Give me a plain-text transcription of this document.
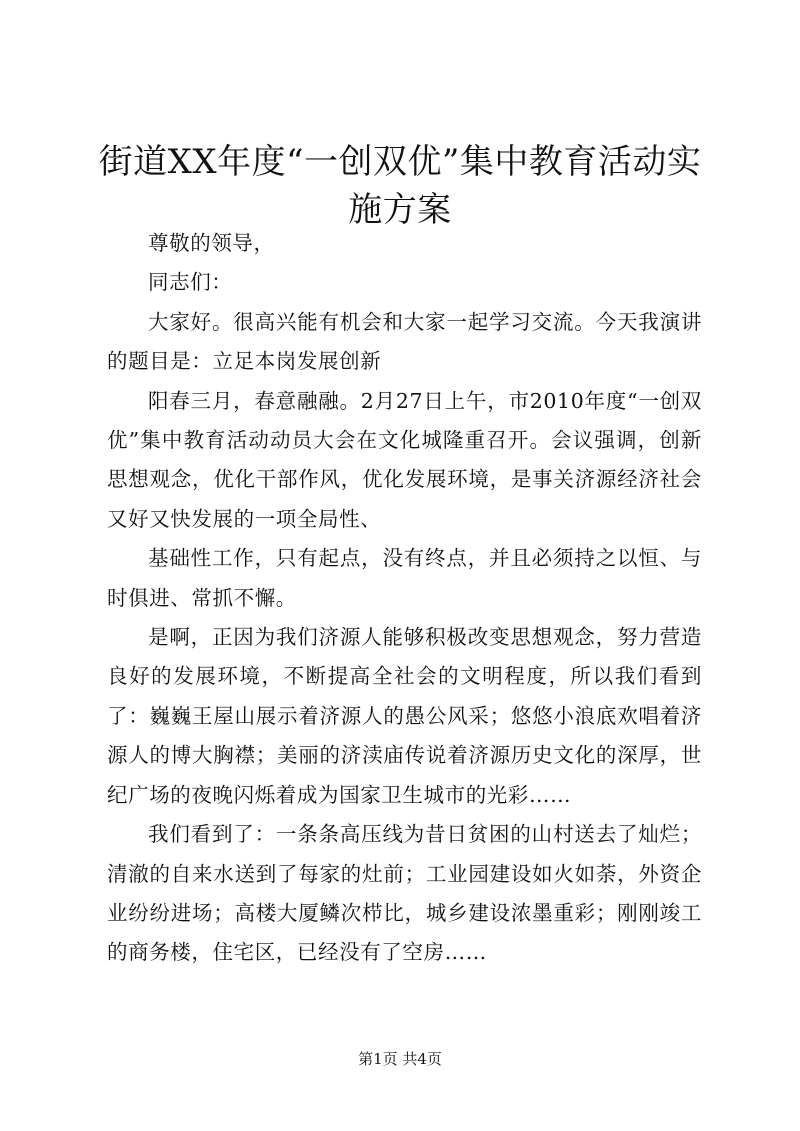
街道XX年度“一创双优”集中教育活动实施方案

尊敬的领导，

同志们：

大家好。很高兴能有机会和大家一起学习交流。今天我演讲的题目是：立足本岗发展创新

阳春三月，春意融融。2月27日上午，市2010年度“一创双优”集中教育活动动员大会在文化城隆重召开。会议强调，创新思想观念，优化干部作风，优化发展环境，是事关济源经济社会又好又快发展的一项全局性、

基础性工作，只有起点，没有终点，并且必须持之以恒、与时俱进、常抓不懈。

是啊，正因为我们济源人能够积极改变思想观念，努力营造良好的发展环境，不断提高全社会的文明程度，所以我们看到了：巍巍王屋山展示着济源人的愚公风采；悠悠小浪底欢唱着济源人的博大胸襟；美丽的济渎庙传说着济源历史文化的深厚，世纪广场的夜晚闪烁着成为国家卫生城市的光彩……

我们看到了：一条条高压线为昔日贫困的山村送去了灿烂；清澈的自来水送到了每家的灶前；工业园建设如火如荼，外资企业纷纷进场；高楼大厦鳞次栉比，城乡建设浓墨重彩；刚刚竣工的商务楼，住宅区，已经没有了空房……

第1页 共4页
